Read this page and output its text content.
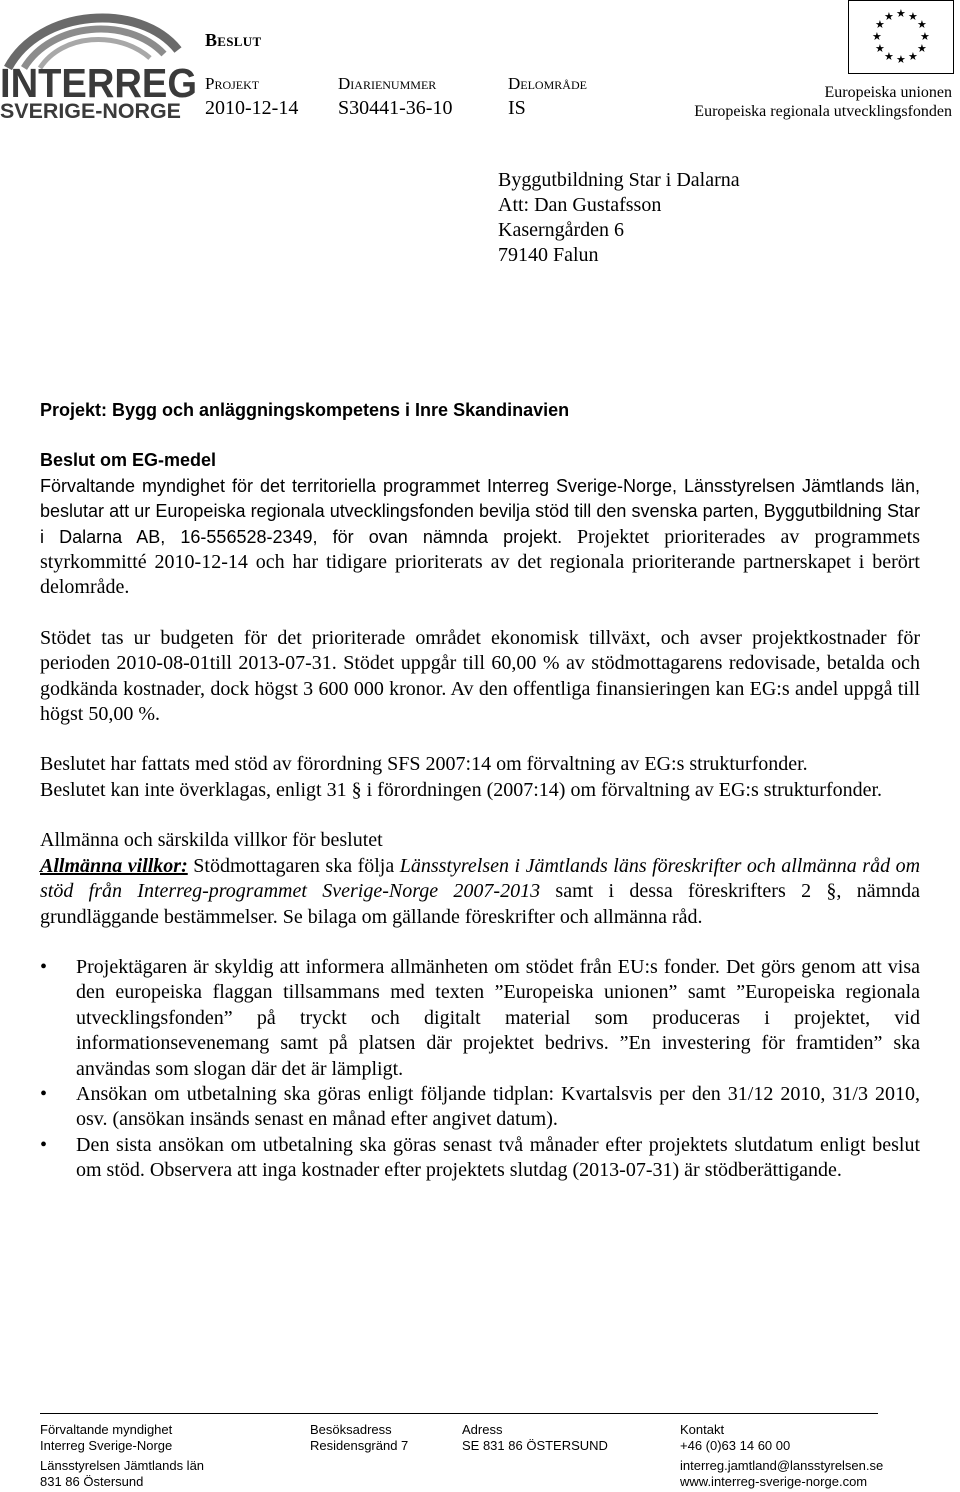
INTERREG
SVERIGE-NORGE
Beslut
Projekt
2010-12-14
Diarienummer
S30441-36-10
Delområde
IS
★ ★
★
★
★
★
★
★
★
★
★
★
Europeiska unionen
Europeiska regionala utvecklingsfonden
Byggutbildning Star i Dalarna
Att: Dan Gustafsson
Kaserngården 6
79140 Falun
Projekt: Bygg och anläggningskompetens i Inre Skandinavien
Beslut om EG-medel
Förvaltande myndighet för det territoriella programmet Interreg Sverige-Norge, Länsstyrelsen Jämtlands län, beslutar att ur Europeiska regionala utvecklingsfonden bevilja stöd till den svenska parten, Byggutbildning Star i Dalarna AB, 16-556528-2349, för ovan nämnda projekt. Projektet prioriterades av programmets styrkommitté 2010-12-14 och har tidigare prioriterats av det regionala prioriterande partnerskapet i berört delområde.
Stödet tas ur budgeten för det prioriterade området ekonomisk tillväxt, och avser projektkostnader för perioden 2010-08-01till 2013-07-31. Stödet uppgår till 60,00 % av stödmottagarens redovisade, betalda och godkända kostnader, dock högst 3 600 000 kronor. Av den offentliga finansieringen kan EG:s andel uppgå till högst 50,00 %.
Beslutet har fattats med stöd av förordning SFS 2007:14 om förvaltning av EG:s strukturfonder.
Beslutet kan inte överklagas, enligt 31 § i förordningen (2007:14) om förvaltning av EG:s strukturfonder.
Allmänna och särskilda villkor för beslutet
Allmänna villkor: Stödmottagaren ska följa Länsstyrelsen i Jämtlands läns föreskrifter och allmänna råd om stöd från Interreg-programmet Sverige-Norge 2007-2013 samt i dessa föreskrifters 2 §, nämnda grundläggande bestämmelser. Se bilaga om gällande föreskrifter och allmänna råd.
• Projektägaren är skyldig att informera allmänheten om stödet från EU:s fonder. Det görs genom att visa den europeiska flaggan tillsammans med texten ”Europeiska unionen” samt ”Europeiska regionala utvecklingsfonden” på tryckt och digitalt material som produceras i projektet, vid informationsevenemang samt på platsen där projektet bedrivs. ”En investering för framtiden” ska användas som slogan där det är lämpligt.
• Ansökan om utbetalning ska göras enligt följande tidplan: Kvartalsvis per den 31/12 2010, 31/3 2010, osv. (ansökan insänds senast en månad efter angivet datum).
• Den sista ansökan om utbetalning ska göras senast två månader efter projektets slutdatum enligt beslut om stöd. Observera att inga kostnader efter projektets slutdag (2013-07-31) är stödberättigande.
Förvaltande myndighet
Interreg Sverige-Norge
Länsstyrelsen Jämtlands län
831 86 Östersund
Besöksadress
Residensgränd 7
Adress
SE 831 86 ÖSTERSUND
Kontakt
+46 (0)63 14 60 00
interreg.jamtland@lansstyrelsen.se
www.interreg-sverige-norge.com
